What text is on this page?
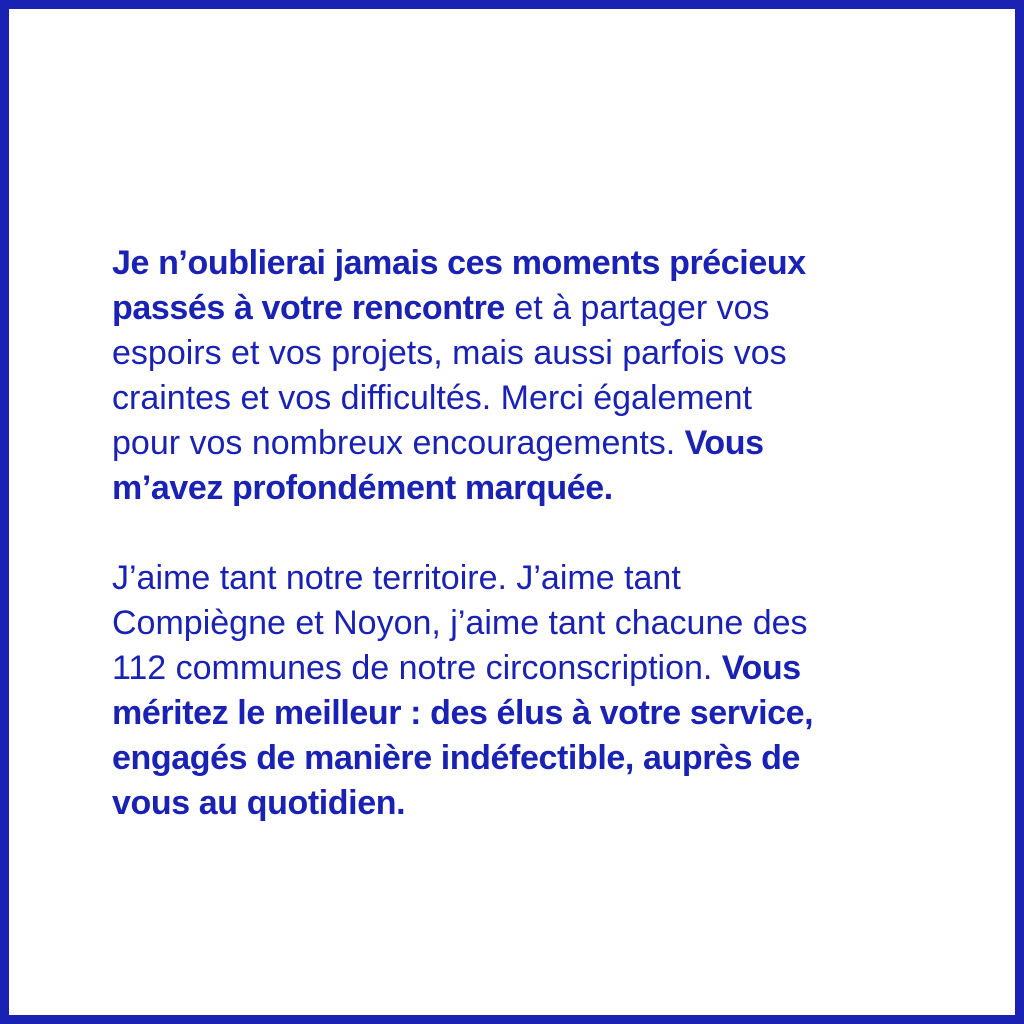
Je n’oublierai jamais ces moments précieux
passés à votre rencontre et à partager vos
espoirs et vos projets, mais aussi parfois vos
craintes et vos difficultés. Merci également
pour vos nombreux encouragements. Vous
m’avez profondément marquée.

J’aime tant notre territoire. J’aime tant
Compiègne et Noyon, j’aime tant chacune des
112 communes de notre circonscription. Vous
méritez le meilleur : des élus à votre service,
engagés de manière indéfectible, auprès de
vous au quotidien.
